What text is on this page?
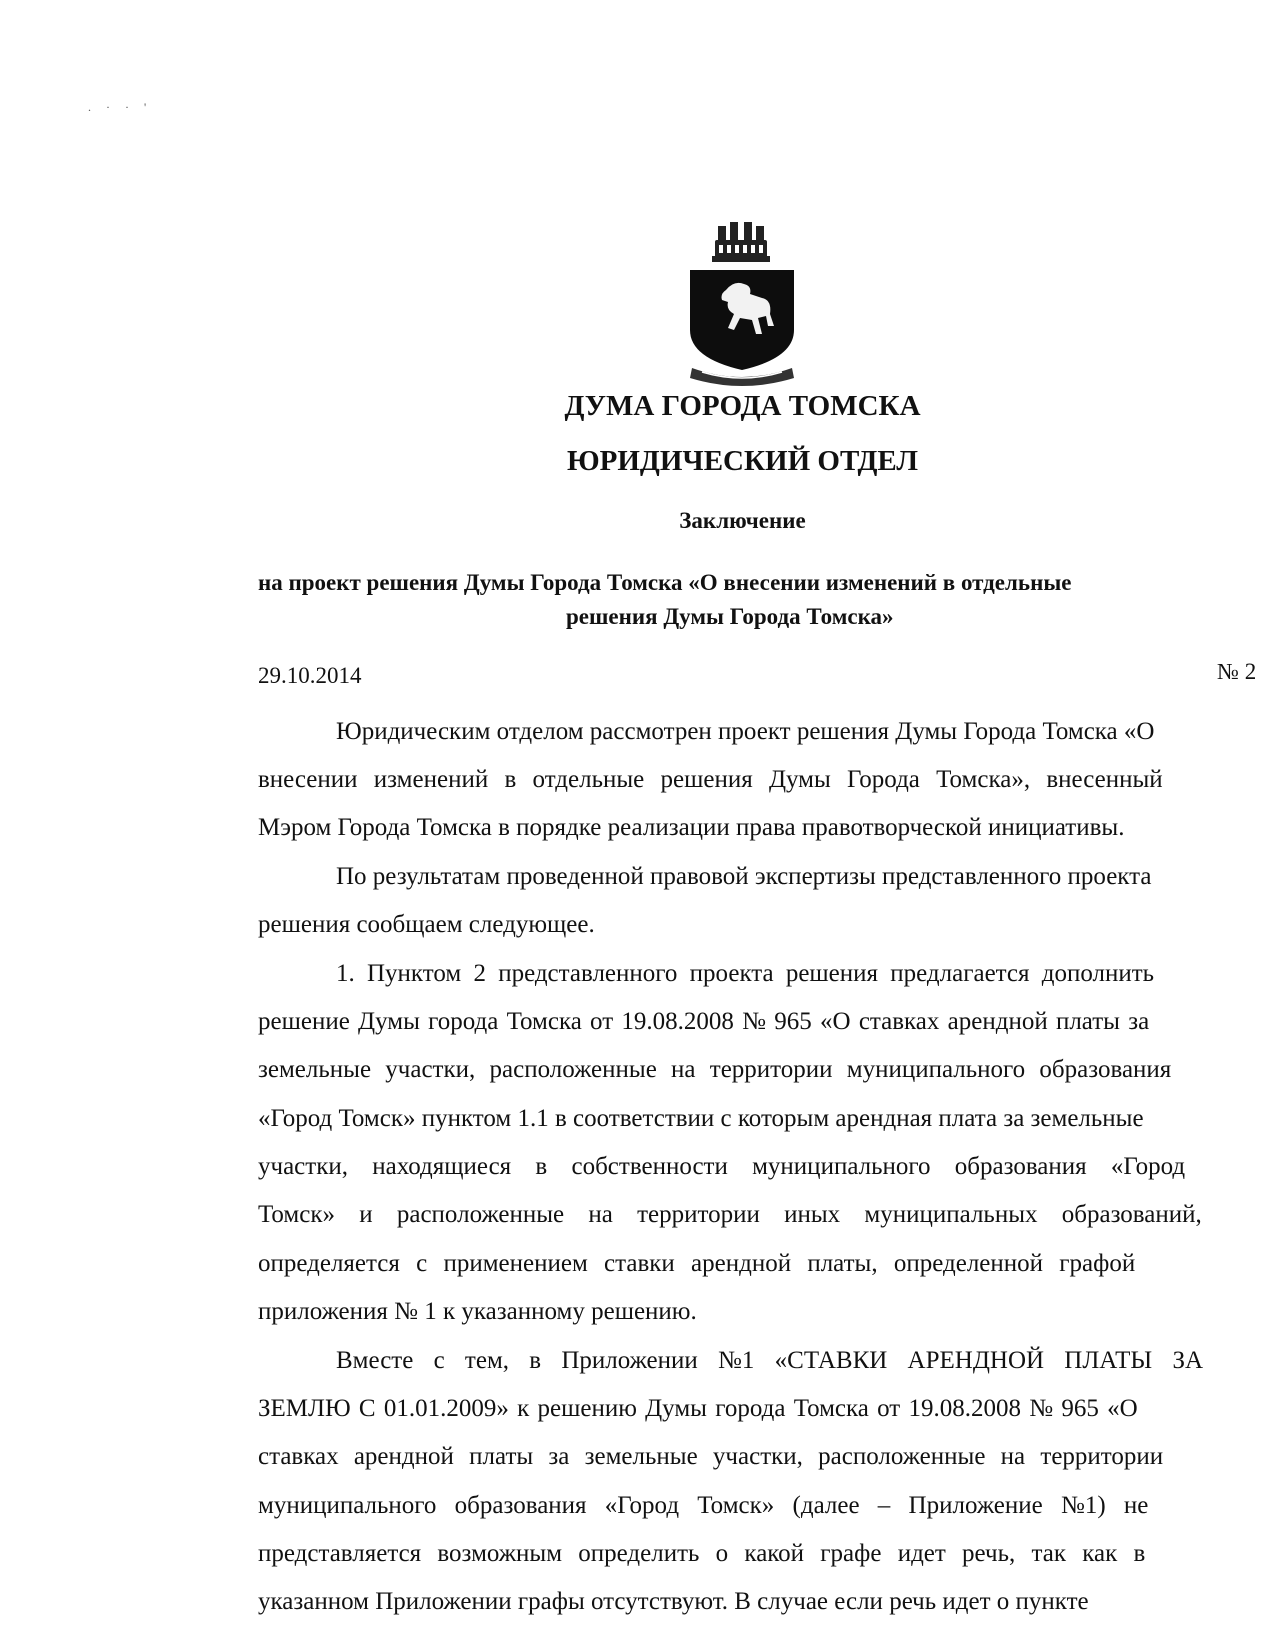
. · · '
ДУМА ГОРОДА ТОМСКА
ЮРИДИЧЕСКИЙ ОТДЕЛ
Заключение
на проект решения Думы Города Томска «О внесении изменений в отдельные
решения Думы Города Томска»
29.10.2014	№ 2
Юридическим отделом рассмотрен проект решения Думы Города Томска «О
внесении изменений в отдельные решения Думы Города Томска», внесенный
Мэром Города Томска в порядке реализации права правотворческой инициативы.
По результатам проведенной правовой экспертизы представленного проекта
решения сообщаем следующее.
1. Пунктом 2 представленного проекта решения предлагается дополнить
решение Думы города Томска от 19.08.2008 № 965 «О ставках арендной платы за
земельные участки, расположенные на территории муниципального образования
«Город Томск» пунктом 1.1 в соответствии с которым арендная плата за земельные
участки, находящиеся в собственности муниципального образования «Город
Томск» и расположенные на территории иных муниципальных образований,
определяется с применением ставки арендной платы, определенной графой
приложения № 1 к указанному решению.
Вместе с тем, в Приложении №1 «СТАВКИ АРЕНДНОЙ ПЛАТЫ ЗА
ЗЕМЛЮ С 01.01.2009» к решению Думы города Томска от 19.08.2008 № 965 «О
ставках арендной платы за земельные участки, расположенные на территории
муниципального образования «Город Томск» (далее – Приложение №1) не
представляется возможным определить о какой графе идет речь, так как в
указанном Приложении графы отсутствуют. В случае если речь идет о пункте
